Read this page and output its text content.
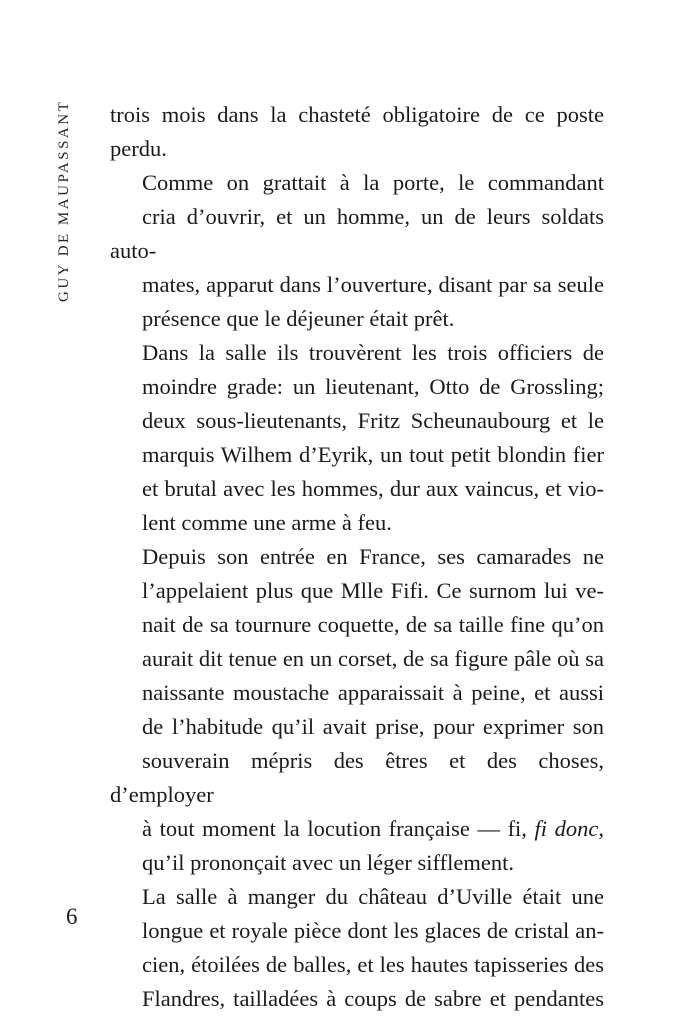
GUY DE MAUPASSANT trois mois dans la chasteté obligatoire de ce poste
perdu.

Comme on grattait à la porte, le commandant
cria d’ouvrir, et un homme, un de leurs soldats auto-
mates, apparut dans l’ouverture, disant par sa seule
présence que le déjeuner était prêt.

Dans la salle ils trouvèrent les trois officiers de
moindre grade: un lieutenant, Otto de Grossling;
deux sous-lieutenants, Fritz Scheunaubourg et le
marquis Wilhem d’Eyrik, un tout petit blondin fier
et brutal avec les hommes, dur aux vaincus, et vio-
lent comme une arme à feu.

Depuis son entrée en France, ses camarades ne
l’appelaient plus que Mlle Fifi. Ce surnom lui ve-
nait de sa tournure coquette, de sa taille fine qu’on
aurait dit tenue en un corset, de sa figure pâle où sa
naissante moustache apparaissait à peine, et aussi
de l’habitude qu’il avait prise, pour exprimer son
souverain mépris des êtres et des choses, d’employer
à tout moment la locution française — fi, fi donc,
qu’il prononçait avec un léger sifflement.

La salle à manger du château d’Uville était une
longue et royale pièce dont les glaces de cristal an-
cien, étoilées de balles, et les hautes tapisseries des
Flandres, tailladées à coups de sabre et pendantes

6
